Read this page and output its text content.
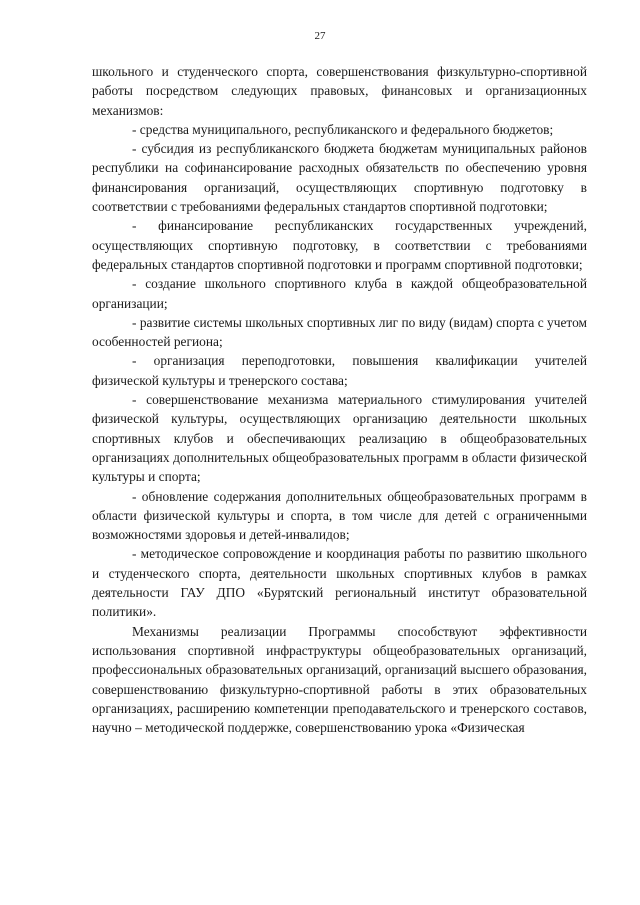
27

школьного и студенческого спорта, совершенствования физкультурно-спортивной работы посредством следующих правовых, финансовых и организационных механизмов:

- средства муниципального, республиканского и федерального бюджетов;

- субсидия из республиканского бюджета бюджетам муниципальных районов республики на софинансирование расходных обязательств по обеспечению уровня финансирования организаций, осуществляющих спортивную подготовку в соответствии с требованиями федеральных стандартов спортивной подготовки;

- финансирование республиканских государственных учреждений, осуществляющих спортивную подготовку, в соответствии с требованиями федеральных стандартов спортивной подготовки и программ спортивной подготовки;

- создание школьного спортивного клуба в каждой общеобразовательной организации;

- развитие системы школьных спортивных лиг по виду (видам) спорта с учетом особенностей региона;

- организация переподготовки, повышения квалификации учителей физической культуры и тренерского состава;

- совершенствование механизма материального стимулирования учителей физической культуры, осуществляющих организацию деятельности школьных спортивных клубов и обеспечивающих реализацию в общеобразовательных организациях дополнительных общеобразовательных программ в области физической культуры и спорта;

- обновление содержания дополнительных общеобразовательных программ в области физической культуры и спорта, в том числе для детей с ограниченными возможностями здоровья и детей-инвалидов;

- методическое сопровождение и координация работы по развитию школьного и студенческого спорта, деятельности школьных спортивных клубов в рамках деятельности ГАУ ДПО «Бурятский региональный институт образовательной политики».

Механизмы реализации Программы способствуют эффективности использования спортивной инфраструктуры общеобразовательных организаций, профессиональных образовательных организаций, организаций высшего образования, совершенствованию физкультурно-спортивной работы в этих образовательных организациях, расширению компетенции преподавательского и тренерского составов, научно – методической поддержке, совершенствованию урока «Физическая
